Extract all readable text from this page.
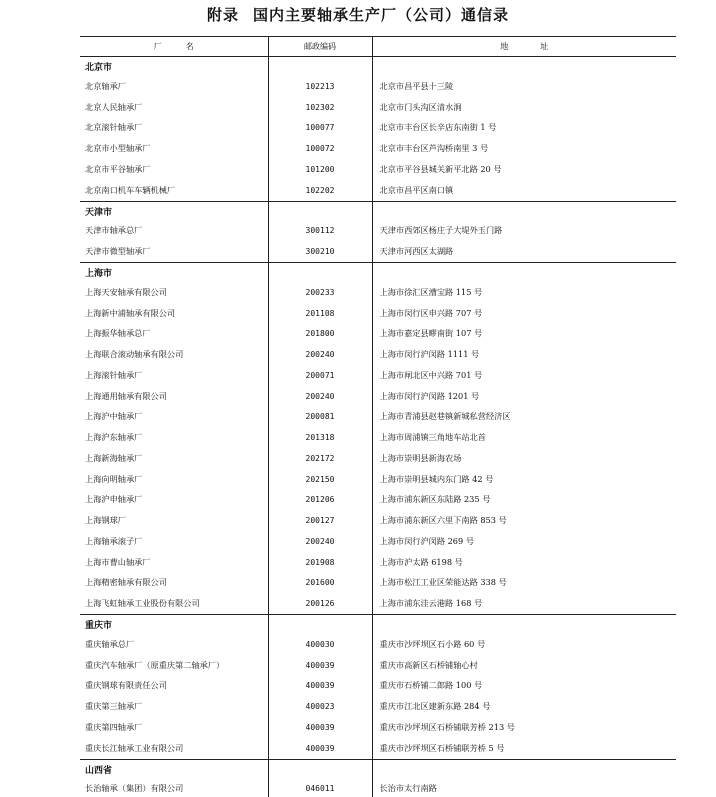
附录 国内主要轴承生产厂（公司）通信录
厂　　　名	邮政编码	地　　　　址
北京市		
北京轴承厂	102213	北京市昌平县十三陵
北京人民轴承厂	102302	北京市门头沟区清水涧
北京滚针轴承厂	100077	北京市丰台区长辛店东南街 1 号
北京市小型轴承厂	100072	北京市丰台区芦沟桥南里 3 号
北京市平谷轴承厂	101200	北京市平谷县城关新平北路 20 号
北京南口机车车辆机械厂	102202	北京市昌平区南口镇
天津市		
天津市轴承总厂	300112	天津市西郊区杨庄子大堤外玉门路
天津市微型轴承厂	300210	天津市河西区太湖路
上海市		
上海天安轴承有限公司	200233	上海市徐汇区漕宝路 115 号
上海新中浦轴承有限公司	201108	上海市闵行区申兴路 707 号
上海振华轴承总厂	201800	上海市嘉定县疁南街 107 号
上海联合滚动轴承有限公司	200240	上海市闵行沪闵路 1111 号
上海滚针轴承厂	200071	上海市闸北区中兴路 701 号
上海通用轴承有限公司	200240	上海市闵行沪闵路 1201 号
上海沪中轴承厂	200081	上海市青浦县赵巷镇新城私营经济区
上海沪东轴承厂	201318	上海市周浦镇三角地车站北首
上海新海轴承厂	202172	上海市崇明县新海农场
上海向明轴承厂	202150	上海市崇明县城内东门路 42 号
上海沪申轴承厂	201206	上海市浦东新区东陆路 235 号
上海钢球厂	200127	上海市浦东新区六里下南路 853 号
上海轴承滚子厂	200240	上海市闵行沪闵路 269 号
上海市曹山轴承厂	201908	上海市沪太路 6198 号
上海精密轴承有限公司	201600	上海市松江工业区荣能达路 338 号
上海飞虹轴承工业股份有限公司	200126	上海市浦东洼云港路 168 号
重庆市		
重庆轴承总厂	400030	重庆市沙坪坝区石小路 60 号
重庆汽车轴承厂（原重庆第二轴承厂）	400039	重庆市高新区石桥铺轴心村
重庆钢球有限责任公司	400039	重庆市石桥铺二郎路 100 号
重庆第三轴承厂	400023	重庆市江北区建新东路 284 号
重庆第四轴承厂	400039	重庆市沙坪坝区石桥铺联芳桥 213 号
重庆长江轴承工业有限公司	400039	重庆市沙坪坝区石桥铺联芳桥 5 号
山西省		
长治轴承（集团）有限公司	046011	长治市太行南路
